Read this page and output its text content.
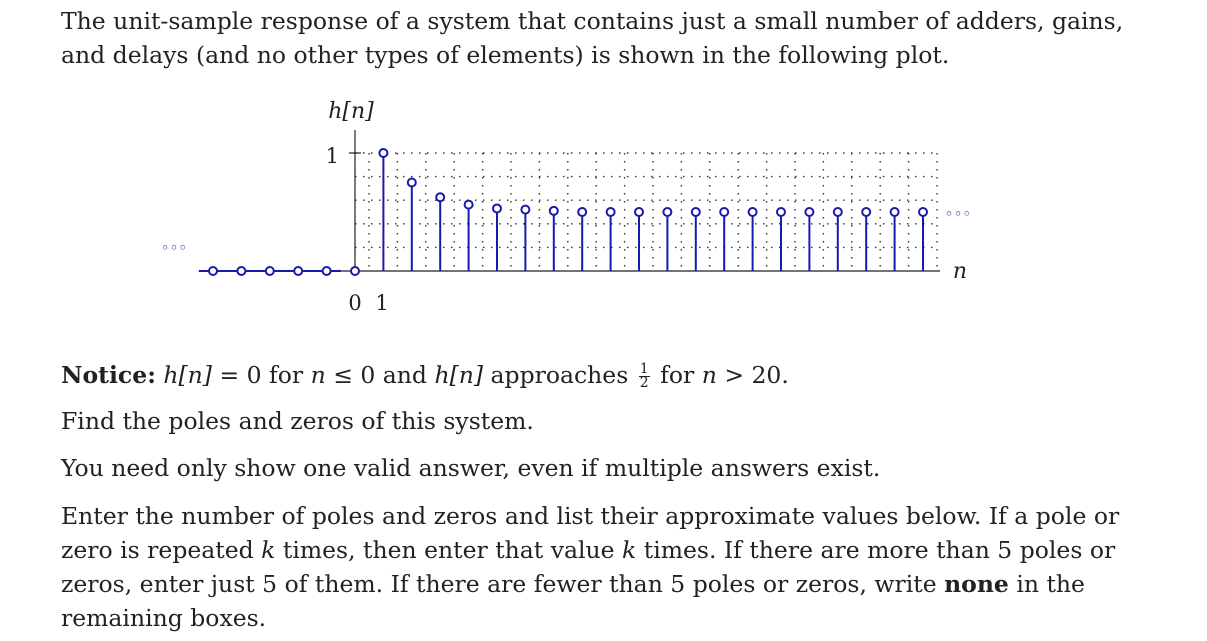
The unit-sample response of a system that contains just a small number of adders, gains, and delays (and no other types of elements) is shown in the following plot.

h[n]
n
1
0 1
◦◦◦
◦◦◦

Notice: h[n] = 0 for n ≤ 0 and h[n] approaches $\frac{1}{2}$ for n > 20.

Find the poles and zeros of this system.

You need only show one valid answer, even if multiple answers exist.

Enter the number of poles and zeros and list their approximate values below. If a pole or zero is repeated k times, then enter that value k times. If there are more than 5 poles or zeros, enter just 5 of them. If there are fewer than 5 poles or zeros, write none in the remaining boxes.
